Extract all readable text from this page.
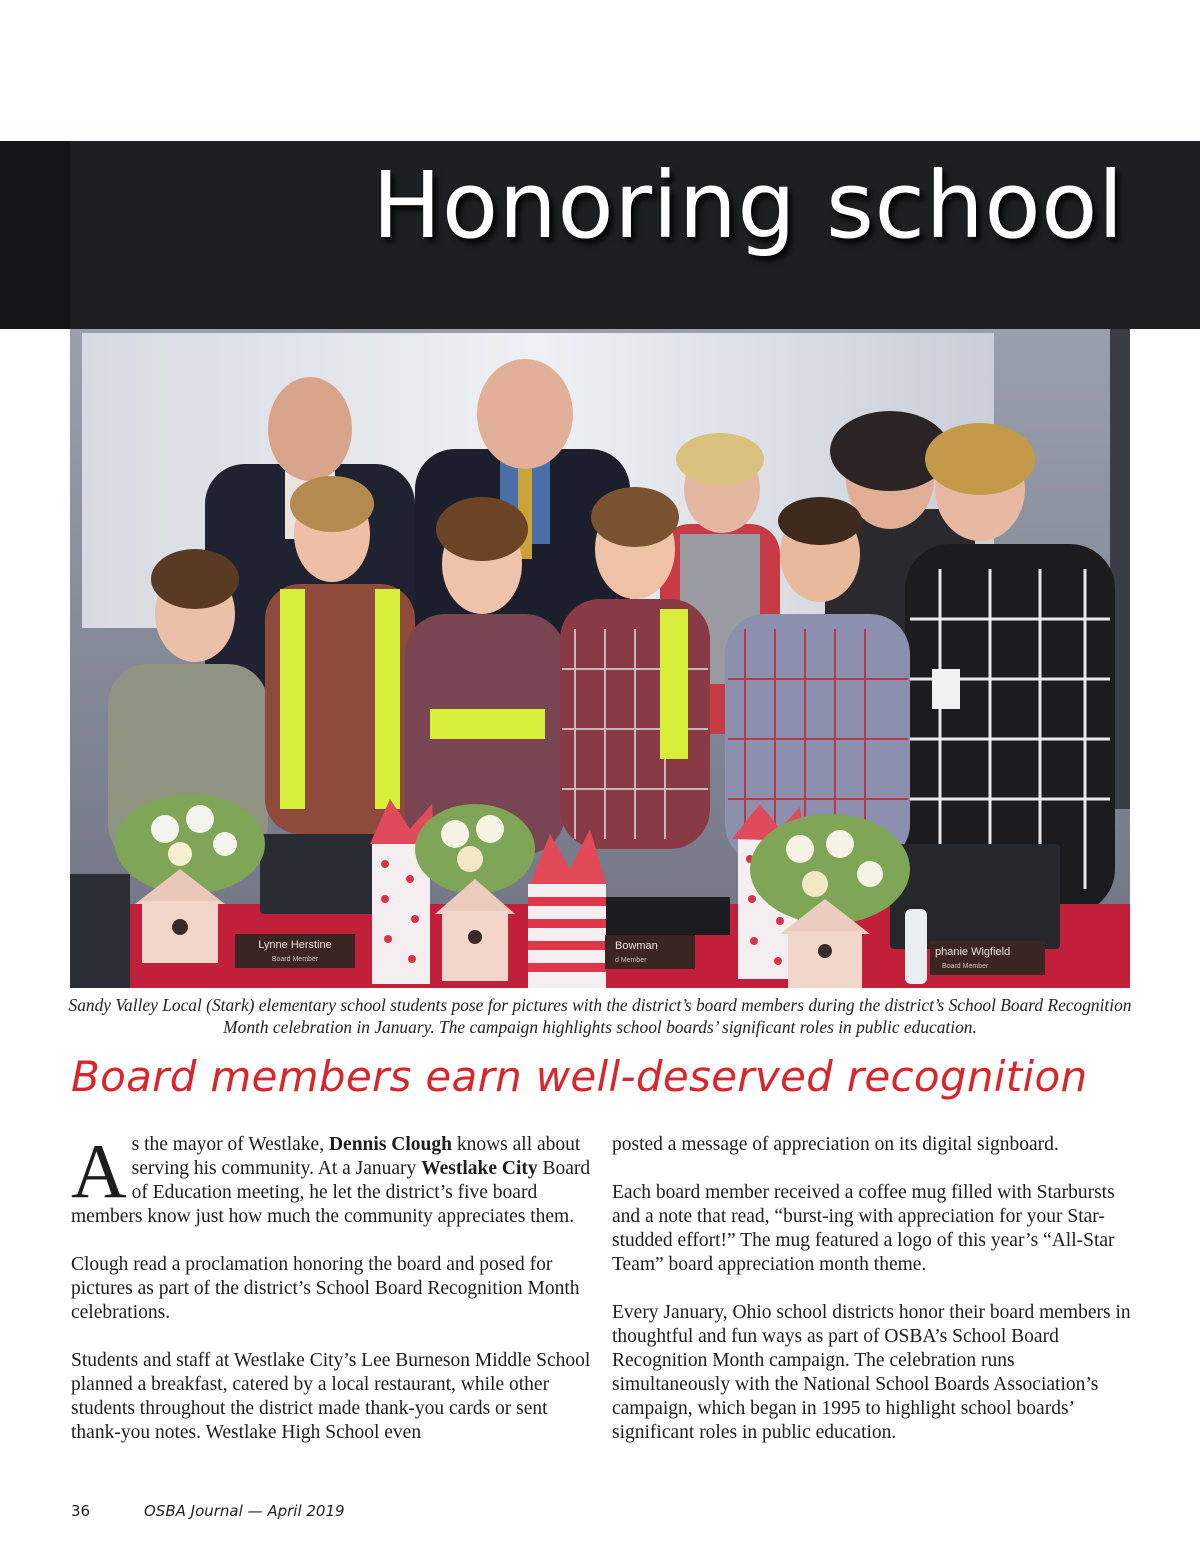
Honoring school
Lynne Herstine
Board Member
Bowman
d Member
phanie Wigfield
Board Member

Sandy Valley Local (Stark) elementary school students pose for pictures with the district’s board members during the district’s School Board Recognition Month celebration in January. The campaign highlights school boards’ significant roles in public education.

Board members earn well-deserved recognition

As the mayor of Westlake, Dennis Clough knows all about serving his community. At a January Westlake City Board of Education meeting, he let the district’s five board members know just how much the community appreciates them.

Clough read a proclamation honoring the board and posed for pictures as part of the district’s School Board Recognition Month celebrations.

Students and staff at Westlake City’s Lee Burneson Middle School planned a breakfast, catered by a local restaurant, while other students throughout the district made thank-you cards or sent thank-you notes. Westlake High School even

posted a message of appreciation on its digital signboard.

Each board member received a coffee mug filled with Starbursts and a note that read, “burst-ing with appreciation for your Star-studded effort!” The mug featured a logo of this year’s “All-Star Team” board appreciation month theme.

Every January, Ohio school districts honor their board members in thoughtful and fun ways as part of OSBA’s School Board Recognition Month campaign. The celebration runs simultaneously with the National School Boards Association’s campaign, which began in 1995 to highlight school boards’ significant roles in public education.

36	OSBA Journal — April 2019
